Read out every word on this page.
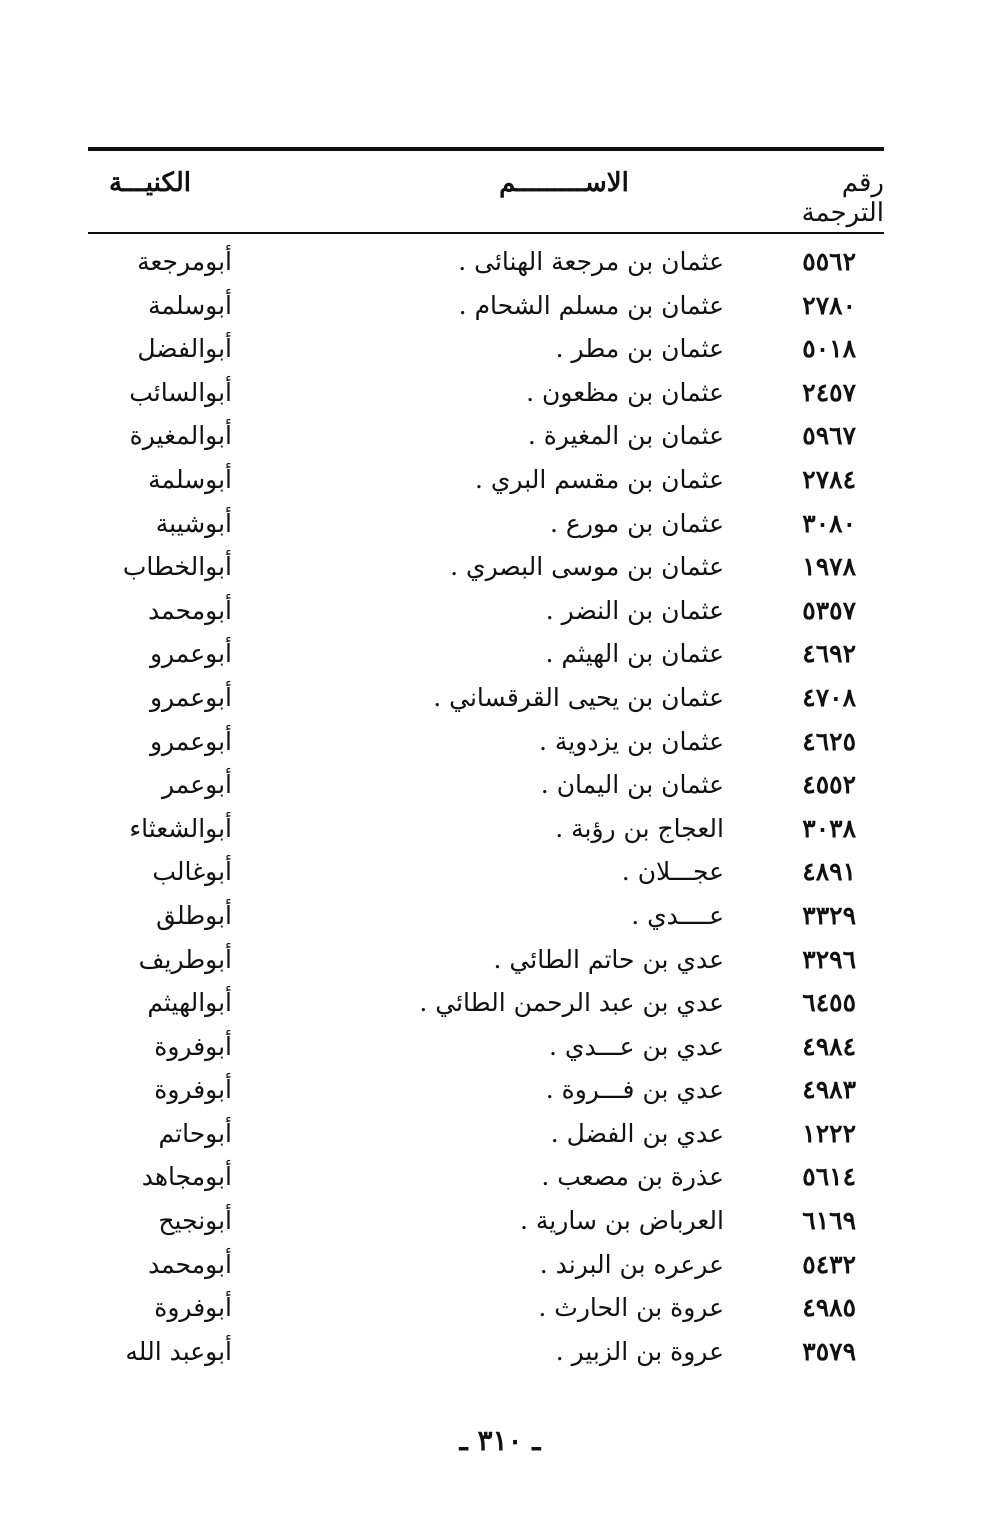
رقم الترجمة
الاســـــــــم
الكنيـــة
٥٥٦٢
عثمان بن مرجعة الهنائى .
أبومرجعة
٢٧٨٠
عثمان بن مسلم الشحام .
أبوسلمة
٥٠١٨
عثمان بن مطر .
أبوالفضل
٢٤٥٧
عثمان بن مظعون .
أبوالسائب
٥٩٦٧
عثمان بن المغيرة .
أبوالمغيرة
٢٧٨٤
عثمان بن مقسم البري .
أبوسلمة
٣٠٨٠
عثمان بن مورع .
أبوشيبة
١٩٧٨
عثمان بن موسى البصري .
أبوالخطاب
٥٣٥٧
عثمان بن النضر .
أبومحمد
٤٦٩٢
عثمان بن الهيثم .
أبوعمرو
٤٧٠٨
عثمان بن يحيى القرقساني .
أبوعمرو
٤٦٢٥
عثمان بن يزدوية .
أبوعمرو
٤٥٥٢
عثمان بن اليمان .
أبوعمر
٣٠٣٨
العجاج بن رؤبة .
أبوالشعثاء
٤٨٩١
عجـــلان .
أبوغالب
٣٣٢٩
عــــدي .
أبوطلق
٣٢٩٦
عدي بن حاتم الطائي .
أبوطريف
٦٤٥٥
عدي بن عبد الرحمن الطائي .
أبوالهيثم
٤٩٨٤
عدي بن عـــدي .
أبوفروة
٤٩٨٣
عدي بن فـــروة .
أبوفروة
١٢٢٢
عدي بن الفضل .
أبوحاتم
٥٦١٤
عذرة بن مصعب .
أبومجاهد
٦١٦٩
العرباض بن سارية .
أبونجيح
٥٤٣٢
عرعره بن البرند .
أبومحمد
٤٩٨٥
عروة بن الحارث .
أبوفروة
٣٥٧٩
عروة بن الزبير .
أبوعبد الله
ـ ٣١٠ ـ
